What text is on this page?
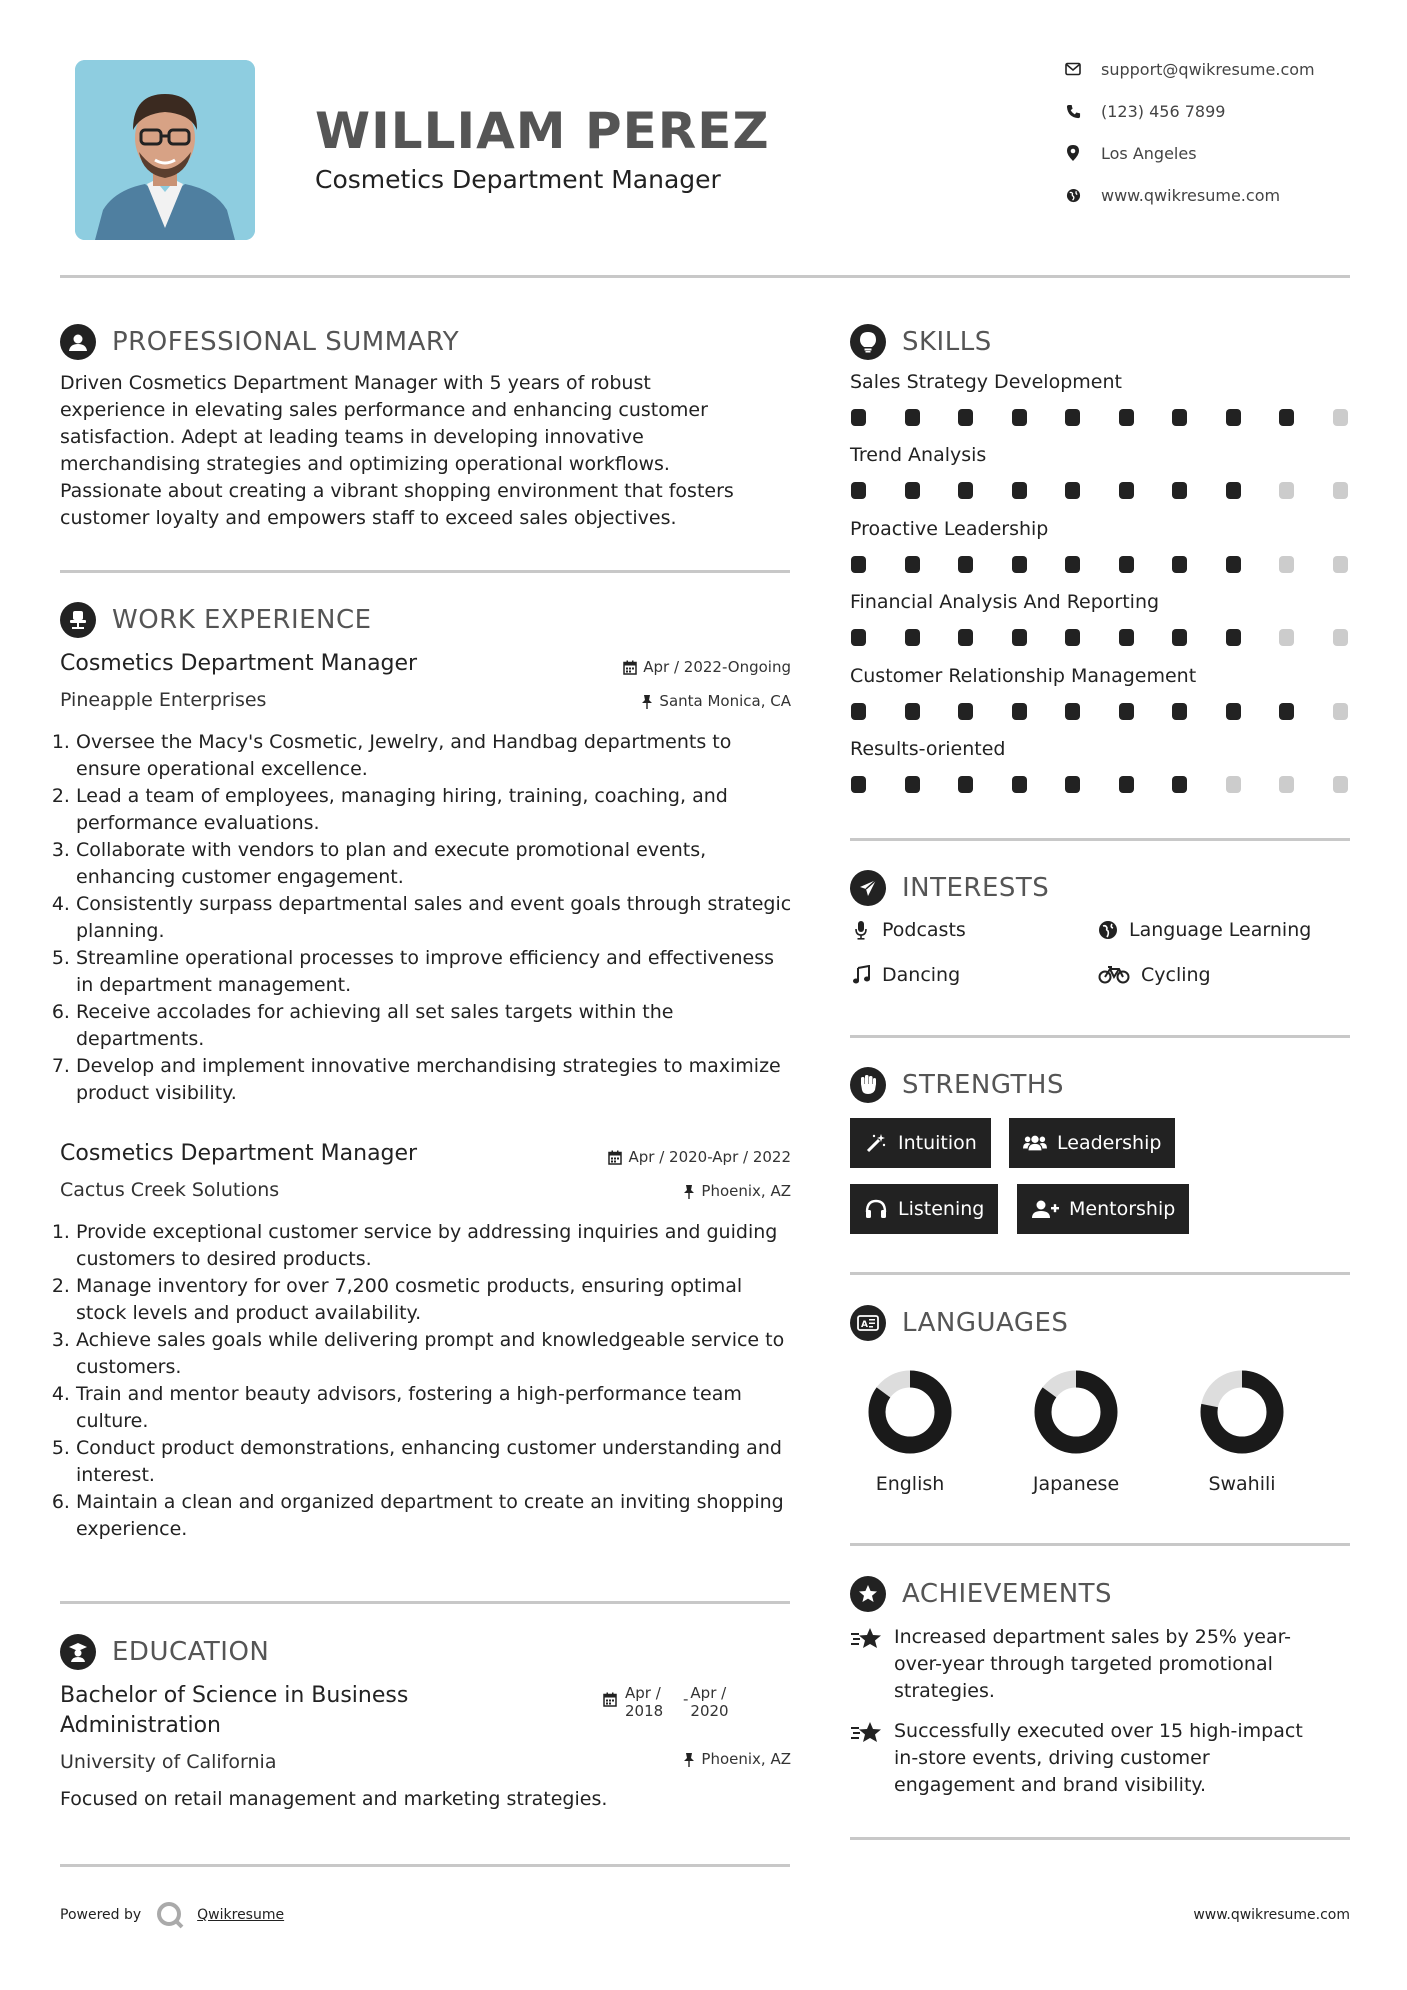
WILLIAM PEREZ
Cosmetics Department Manager
support@qwikresume.com
(123) 456 7899
Los Angeles
www.qwikresume.com
PROFESSIONAL SUMMARY
Driven Cosmetics Department Manager with 5 years of robust
experience in elevating sales performance and enhancing customer
satisfaction. Adept at leading teams in developing innovative
merchandising strategies and optimizing operational workflows.
Passionate about creating a vibrant shopping environment that fosters
customer loyalty and empowers staff to exceed sales objectives.
WORK EXPERIENCE
Cosmetics Department Manager	Apr / 2022-Ongoing
Pineapple Enterprises	Santa Monica, CA
1. Oversee the Macy's Cosmetic, Jewelry, and Handbag departments to ensure operational excellence.
2. Lead a team of employees, managing hiring, training, coaching, and performance evaluations.
3. Collaborate with vendors to plan and execute promotional events, enhancing customer engagement.
4. Consistently surpass departmental sales and event goals through strategic planning.
5. Streamline operational processes to improve efficiency and effectiveness in department management.
6. Receive accolades for achieving all set sales targets within the departments.
7. Develop and implement innovative merchandising strategies to maximize product visibility.
Cosmetics Department Manager	Apr / 2020-Apr / 2022
Cactus Creek Solutions	Phoenix, AZ
1. Provide exceptional customer service by addressing inquiries and guiding customers to desired products.
2. Manage inventory for over 7,200 cosmetic products, ensuring optimal stock levels and product availability.
3. Achieve sales goals while delivering prompt and knowledgeable service to customers.
4. Train and mentor beauty advisors, fostering a high-performance team culture.
5. Conduct product demonstrations, enhancing customer understanding and interest.
6. Maintain a clean and organized department to create an inviting shopping experience.
EDUCATION
Bachelor of Science in Business
Administration
Apr /
2018
- Apr /
2020
University of California	Phoenix, AZ
Focused on retail management and marketing strategies.
SKILLS
Sales Strategy Development
Trend Analysis
Proactive Leadership
Financial Analysis And Reporting
Customer Relationship Management
Results-oriented
INTERESTS
Podcasts	Language Learning
Dancing	Cycling
STRENGTHS
Intuition	Leadership
Listening	Mentorship
A LANGUAGES
English	Japanese	Swahili
ACHIEVEMENTS
Increased department sales by 25% year-
over-year through targeted promotional
strategies.
Successfully executed over 15 high-impact
in-store events, driving customer
engagement and brand visibility.
Powered by	Qwikresume	www.qwikresume.com
